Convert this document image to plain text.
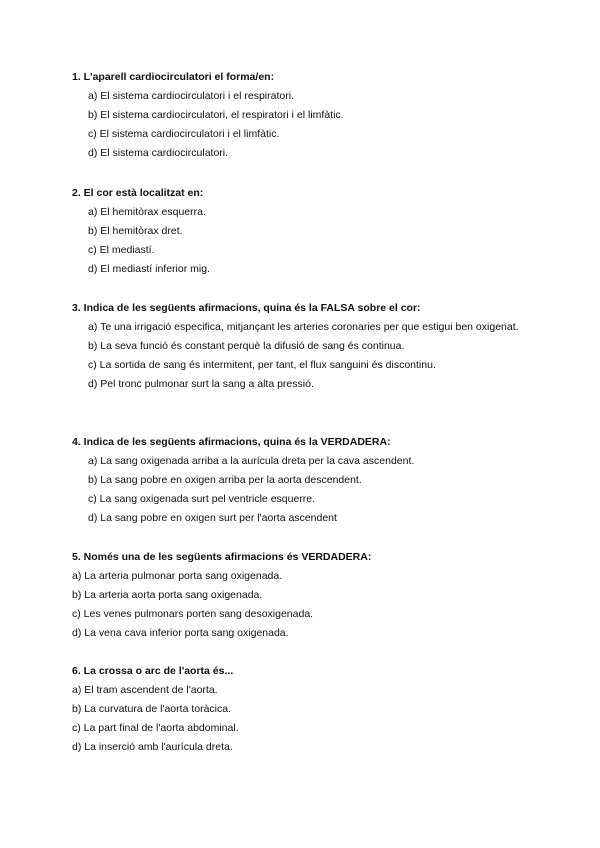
1. L'aparell cardiocirculatori el forma/en:
a) El sistema cardiocirculatori i el respiratori.
b) El sistema cardiocirculatori, el respiratori i el limfàtic.
c) El sistema cardiocirculatori i el limfàtic.
d) El sistema cardiocirculatori.
2. El cor està localitzat en:
a) El hemitòrax esquerra.
b) El hemitòrax dret.
c) El mediastí.
d) El mediastí inferior mig.
3. Indica de les següents afirmacions, quina és la FALSA sobre el cor:
a) Te una irrigació especifica, mitjançant les arteries coronaries per que estigui ben oxigenat.
b) La seva funció és constant perquè la difusió de sang és continua.
c) La sortida de sang és intermitent, per tant, el flux sanguini és discontinu.
d) Pel tronc pulmonar surt la sang a alta pressió.
4. Indica de les següents afirmacions, quina és la VERDADERA:
a) La sang oxigenada arriba a la aurícula dreta per la cava ascendent.
b) La sang pobre en oxigen arriba per la aorta descendent.
c) La sang oxigenada surt pel ventricle esquerre.
d) La sang pobre en oxigen surt per l'aorta ascendent
5. Només una de les següents afirmacions és VERDADERA:
a) La arteria pulmonar porta sang oxigenada.
b) La arteria aorta porta sang oxigenada.
c) Les venes pulmonars porten sang desoxigenada.
d) La vena cava inferior porta sang oxigenada.
6. La crossa o arc de l'aorta és...
a) El tram ascendent de l'aorta.
b) La curvatura de l'aorta toràcica.
c) La part final de l'aorta abdominal.
d) La inserció amb l'aurícula dreta.
